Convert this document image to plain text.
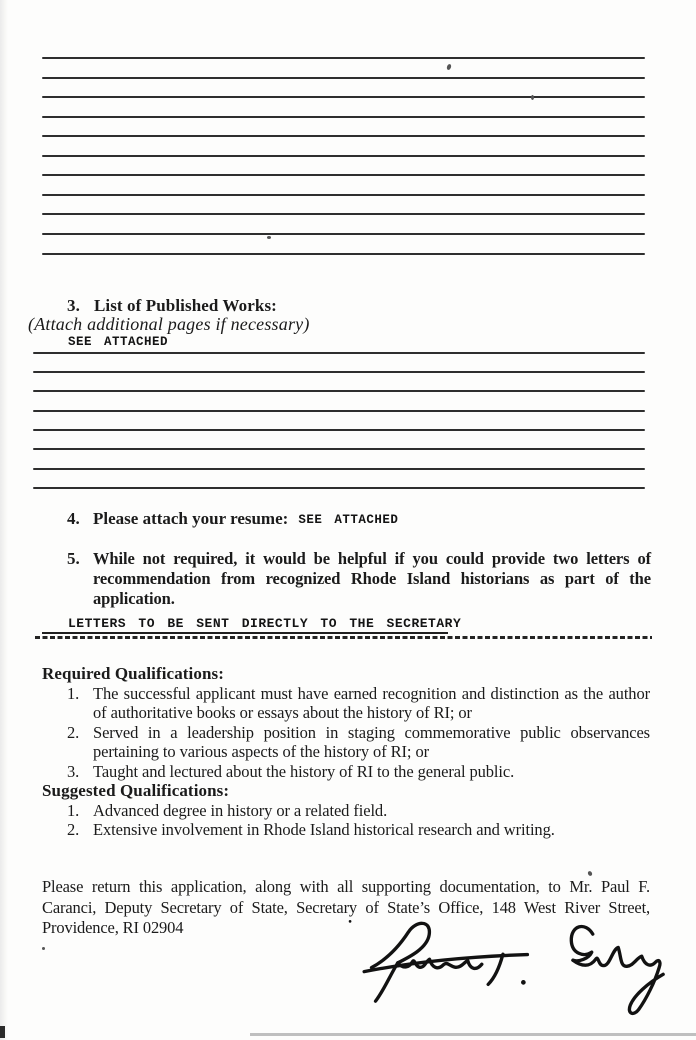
3. List of Published Works:
(Attach additional pages if necessary)
SEE ATTACHED
4. Please attach your resume: SEE ATTACHED
5. While not required, it would be helpful if you could provide two letters of recommendation from recognized Rhode Island historians as part of the application.
LETTERS TO BE SENT DIRECTLY TO THE SECRETARY
Required Qualifications:
1. The successful applicant must have earned recognition and distinction as the author of authoritative books or essays about the history of RI; or
2. Served in a leadership position in staging commemorative public observances pertaining to various aspects of the history of RI; or
3. Taught and lectured about the history of RI to the general public.
Suggested Qualifications:
1. Advanced degree in history or a related field.
2. Extensive involvement in Rhode Island historical research and writing.
Please return this application, along with all supporting documentation, to Mr. Paul F. Caranci, Deputy Secretary of State, Secretary of State’s Office, 148 West River Street, Providence, RI 02904
